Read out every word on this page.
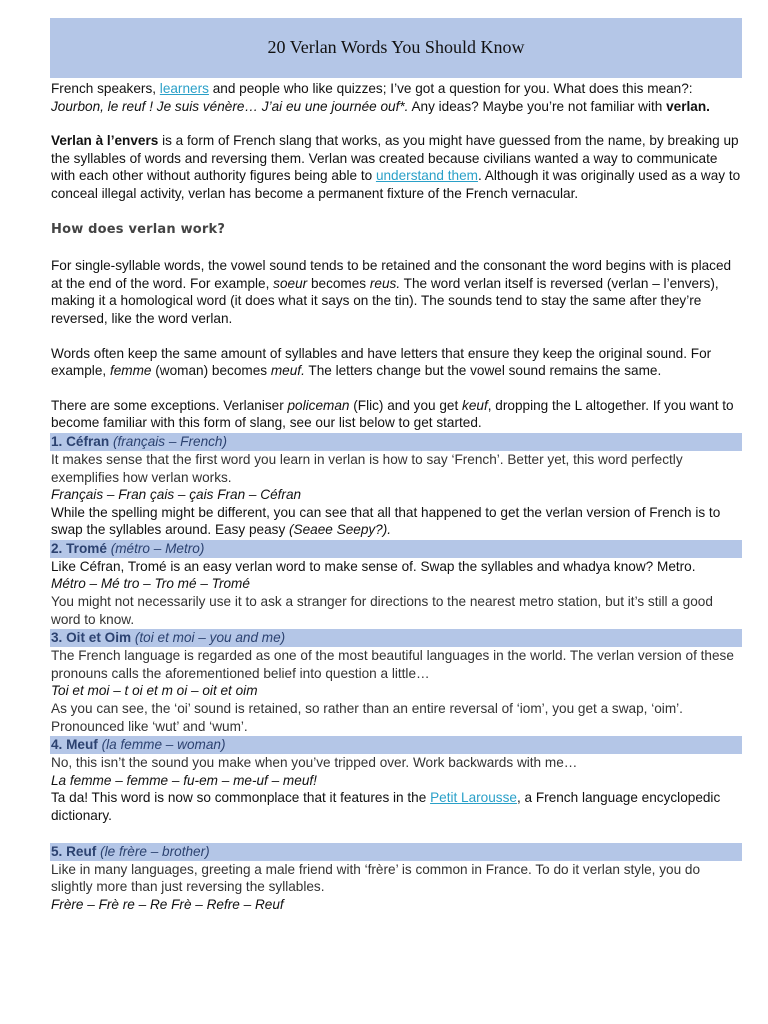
20 Verlan Words You Should Know

French speakers, learners and people who like quizzes; I’ve got a question for you. What does this mean?: Jourbon, le reuf ! Je suis vénère… J’ai eu une journée ouf*. Any ideas? Maybe you’re not familiar with verlan.

Verlan à l’envers is a form of French slang that works, as you might have guessed from the name, by breaking up the syllables of words and reversing them. Verlan was created because civilians wanted a way to communicate with each other without authority figures being able to understand them. Although it was originally used as a way to conceal illegal activity, verlan has become a permanent fixture of the French vernacular.

How does verlan work?

For single-syllable words, the vowel sound tends to be retained and the consonant the word begins with is placed at the end of the word. For example, soeur becomes reus. The word verlan itself is reversed (verlan – l’envers), making it a homological word (it does what it says on the tin). The sounds tend to stay the same after they’re reversed, like the word verlan.

Words often keep the same amount of syllables and have letters that ensure they keep the original sound. For example, femme (woman) becomes meuf. The letters change but the vowel sound remains the same.

There are some exceptions. Verlaniser policeman (Flic) and you get keuf, dropping the L altogether. If you want to become familiar with this form of slang, see our list below to get started.

1. Céfran (français – French)

It makes sense that the first word you learn in verlan is how to say ‘French’. Better yet, this word perfectly exemplifies how verlan works.

Français – Fran çais – çais Fran – Céfran

While the spelling might be different, you can see that all that happened to get the verlan version of French is to swap the syllables around. Easy peasy (Seaee Seepy?).

2. Tromé (métro – Metro)

Like Céfran, Tromé is an easy verlan word to make sense of. Swap the syllables and whadya know? Metro.

Métro – Mé tro – Tro mé – Tromé

You might not necessarily use it to ask a stranger for directions to the nearest metro station, but it’s still a good word to know.

3. Oit et Oim (toi et moi – you and me)

The French language is regarded as one of the most beautiful languages in the world. The verlan version of these pronouns calls the aforementioned belief into question a little…

Toi et moi – t oi et m oi – oit et oim

As you can see, the ‘oi’ sound is retained, so rather than an entire reversal of ‘iom’, you get a swap, ‘oim’. Pronounced like ‘wut’ and ‘wum’.

4. Meuf (la femme – woman)

No, this isn’t the sound you make when you’ve tripped over. Work backwards with me…

La femme – femme – fu-em – me-uf – meuf!

Ta da! This word is now so commonplace that it features in the Petit Larousse, a French language encyclopedic dictionary.

5. Reuf (le frère – brother)

Like in many languages, greeting a male friend with ‘frère’ is common in France. To do it verlan style, you do slightly more than just reversing the syllables.

Frère – Frè re – Re Frè – Refre – Reuf
